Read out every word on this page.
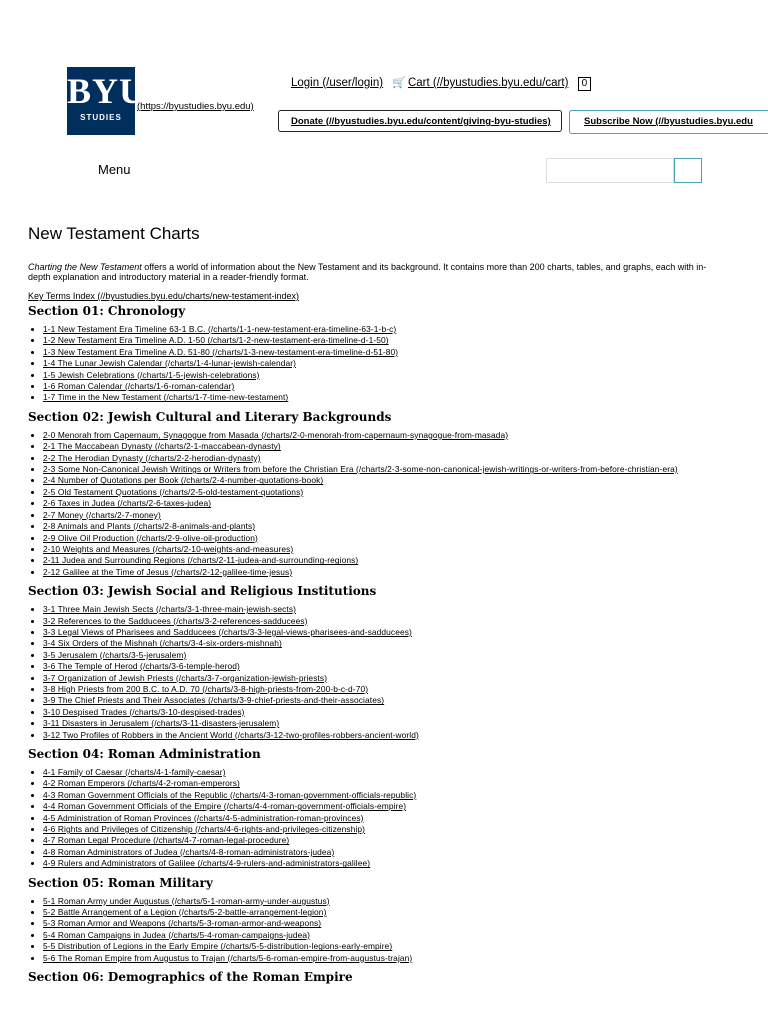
BYU
STUDIES
(https://byustudies.byu.edu)
Login (/user/login) 🛒 Cart (//byustudies.byu.edu/cart) 0
Donate (//byustudies.byu.edu/content/giving-byu-studies)	Subscribe Now (//byustudies.byu.edu
Menu
New Testament Charts

Charting the New Testament offers a world of information about the New Testament and its background. It contains more than 200 charts, tables, and graphs, each with in-depth explanation and introductory material in a reader-friendly format.

Key Terms Index (//byustudies.byu.edu/charts/new-testament-index)
Section 01: Chronology
• 1-1 New Testament Era Timeline 63-1 B.C. (/charts/1-1-new-testament-era-timeline-63-1-b-c)
• 1-2 New Testament Era Timeline A.D. 1-50 (/charts/1-2-new-testament-era-timeline-d-1-50)
• 1-3 New Testament Era Timeline A.D. 51-80 (/charts/1-3-new-testament-era-timeline-d-51-80)
• 1-4 The Lunar Jewish Calendar (/charts/1-4-lunar-jewish-calendar)
• 1-5 Jewish Celebrations (/charts/1-5-jewish-celebrations)
• 1-6 Roman Calendar (/charts/1-6-roman-calendar)
• 1-7 Time in the New Testament (/charts/1-7-time-new-testament)
Section 02: Jewish Cultural and Literary Backgrounds
• 2-0 Menorah from Capernaum, Synagogue from Masada (/charts/2-0-menorah-from-capernaum-synagogue-from-masada)
• 2-1 The Maccabean Dynasty (/charts/2-1-maccabean-dynasty)
• 2-2 The Herodian Dynasty (/charts/2-2-herodian-dynasty)
• 2-3 Some Non-Canonical Jewish Writings or Writers from before the Christian Era (/charts/2-3-some-non-canonical-jewish-writings-or-writers-from-before-christian-era)
• 2-4 Number of Quotations per Book (/charts/2-4-number-quotations-book)
• 2-5 Old Testament Quotations (/charts/2-5-old-testament-quotations)
• 2-6 Taxes in Judea (/charts/2-6-taxes-judea)
• 2-7 Money (/charts/2-7-money)
• 2-8 Animals and Plants (/charts/2-8-animals-and-plants)
• 2-9 Olive Oil Production (/charts/2-9-olive-oil-production)
• 2-10 Weights and Measures (/charts/2-10-weights-and-measures)
• 2-11 Judea and Surrounding Regions (/charts/2-11-judea-and-surrounding-regions)
• 2-12 Galilee at the Time of Jesus (/charts/2-12-galilee-time-jesus)
Section 03: Jewish Social and Religious Institutions
• 3-1 Three Main Jewish Sects (/charts/3-1-three-main-jewish-sects)
• 3-2 References to the Sadducees (/charts/3-2-references-sadducees)
• 3-3 Legal Views of Pharisees and Sadducees (/charts/3-3-legal-views-pharisees-and-sadducees)
• 3-4 Six Orders of the Mishnah (/charts/3-4-six-orders-mishnah)
• 3-5 Jerusalem (/charts/3-5-jerusalem)
• 3-6 The Temple of Herod (/charts/3-6-temple-herod)
• 3-7 Organization of Jewish Priests (/charts/3-7-organization-jewish-priests)
• 3-8 High Priests from 200 B.C. to A.D. 70 (/charts/3-8-high-priests-from-200-b-c-d-70)
• 3-9 The Chief Priests and Their Associates (/charts/3-9-chief-priests-and-their-associates)
• 3-10 Despised Trades (/charts/3-10-despised-trades)
• 3-11 Disasters in Jerusalem (/charts/3-11-disasters-jerusalem)
• 3-12 Two Profiles of Robbers in the Ancient World (/charts/3-12-two-profiles-robbers-ancient-world)
Section 04: Roman Administration
• 4-1 Family of Caesar (/charts/4-1-family-caesar)
• 4-2 Roman Emperors (/charts/4-2-roman-emperors)
• 4-3 Roman Government Officials of the Republic (/charts/4-3-roman-government-officials-republic)
• 4-4 Roman Government Officials of the Empire (/charts/4-4-roman-government-officials-empire)
• 4-5 Administration of Roman Provinces (/charts/4-5-administration-roman-provinces)
• 4-6 Rights and Privileges of Citizenship (/charts/4-6-rights-and-privileges-citizenship)
• 4-7 Roman Legal Procedure (/charts/4-7-roman-legal-procedure)
• 4-8 Roman Administrators of Judea (/charts/4-8-roman-administrators-judea)
• 4-9 Rulers and Administrators of Galilee (/charts/4-9-rulers-and-administrators-galilee)
Section 05: Roman Military
• 5-1 Roman Army under Augustus (/charts/5-1-roman-army-under-augustus)
• 5-2 Battle Arrangement of a Legion (/charts/5-2-battle-arrangement-legion)
• 5-3 Roman Armor and Weapons (/charts/5-3-roman-armor-and-weapons)
• 5-4 Roman Campaigns in Judea (/charts/5-4-roman-campaigns-judea)
• 5-5 Distribution of Legions in the Early Empire (/charts/5-5-distribution-legions-early-empire)
• 5-6 The Roman Empire from Augustus to Trajan (/charts/5-6-roman-empire-from-augustus-trajan)
Section 06: Demographics of the Roman Empire
